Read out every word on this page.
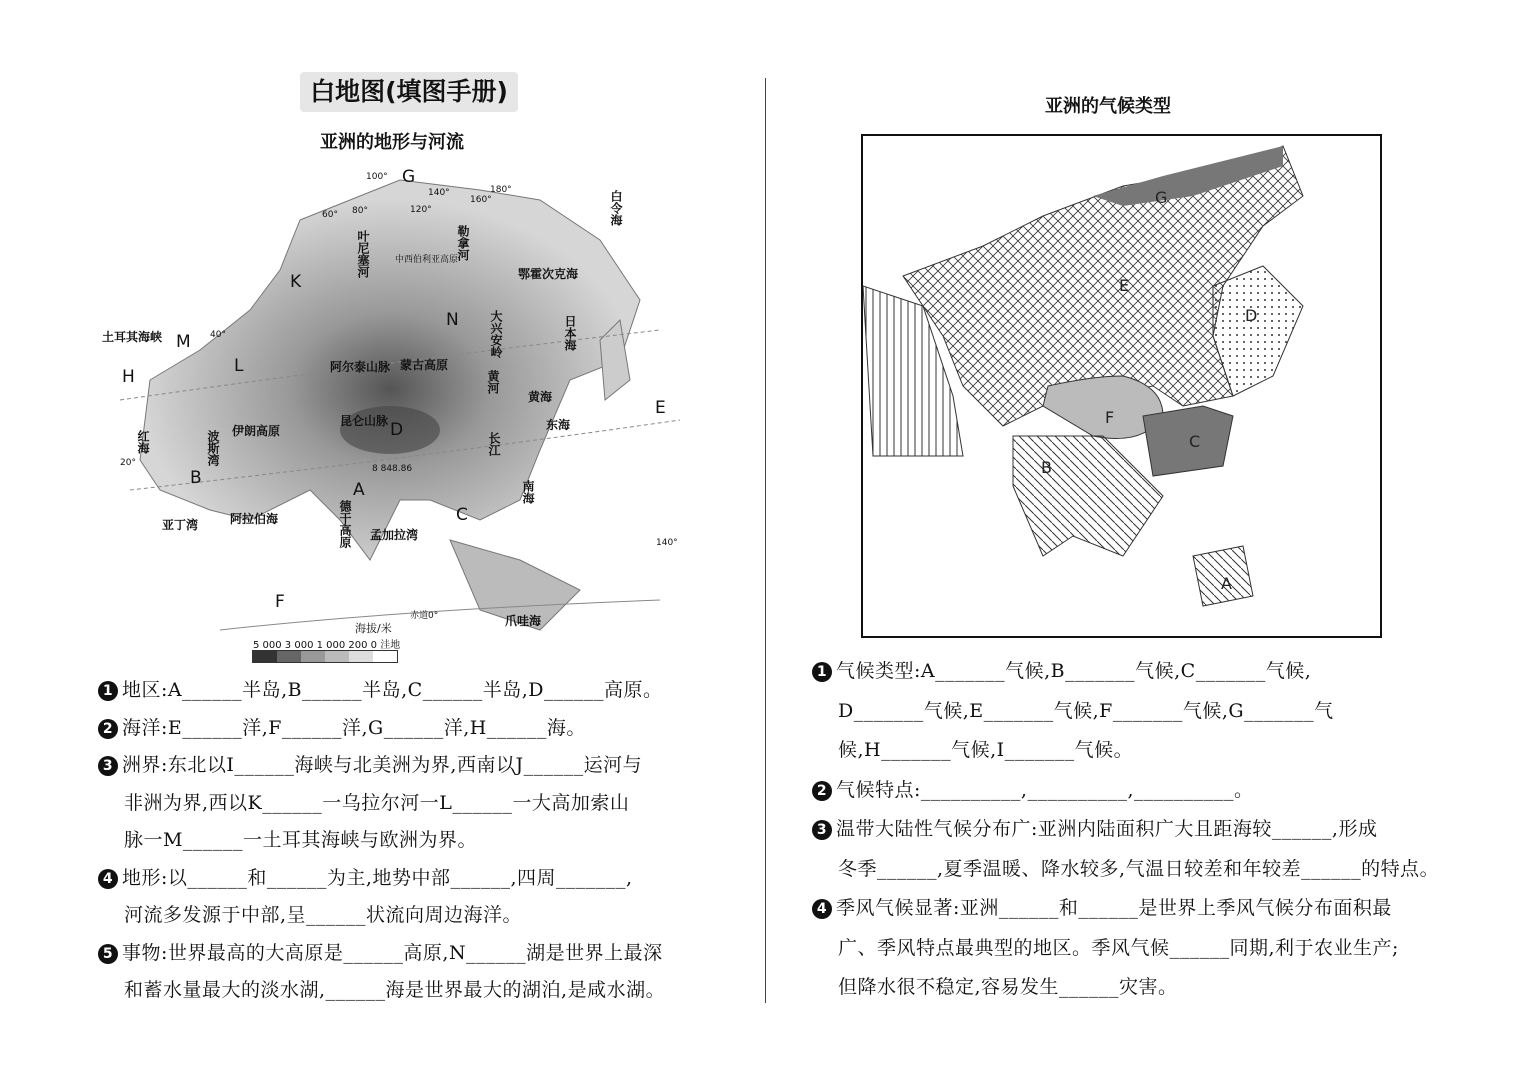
白地图(填图手册)
亚洲的地形与河流
G
A
B
C
D
E
F
H
K
L
M
N
叶尼塞河	勒拿河
鄂霍次克海
日本海
黄海
东海
南海
阿拉伯海
孟加拉湾
伊朗高原
蒙古高原
德干高原
红海
亚丁湾
波斯湾
爪哇海
土耳其海峡
白令海
阿尔泰山脉
长江
黄河
8 848.86
赤道0°
中西伯利亚高原
大兴安岭
昆仑山脉
100°
120°
140°
160°
180°
60° 80°
40°
20°
140°
海拔/米
5 000 3 000 1 000 200 0 洼地

1 地区:A______半岛,B______半岛,C______半岛,D______高原。

2 海洋:E______洋,F______洋,G______洋,H______海。

3 洲界:东北以I______海峡与北美洲为界,西南以J______运河与

非洲为界,西以K______一乌拉尔河一L______一大高加索山

脉一M______一土耳其海峡与欧洲为界。

4 地形:以______和______为主,地势中部______,四周_______,

河流多发源于中部,呈______状流向周边海洋。

5 事物:世界最高的大高原是______高原,N______湖是世界上最深

和蓄水量最大的淡水湖,______海是世界最大的湖泊,是咸水湖。

亚洲的气候类型
G
E
D
F
C
B
A

1 气候类型:A_______气候,B_______气候,C_______气候,

D_______气候,E_______气候,F_______气候,G_______气

候,H_______气候,I_______气候。

2 气候特点:__________,__________,__________。

3 温带大陆性气候分布广:亚洲内陆面积广大且距海较______,形成

冬季______,夏季温暖、降水较多,气温日较差和年较差______的特点。

4 季风气候显著:亚洲______和______是世界上季风气候分布面积最

广、季风特点最典型的地区。季风气候______同期,利于农业生产;

但降水很不稳定,容易发生______灾害。
